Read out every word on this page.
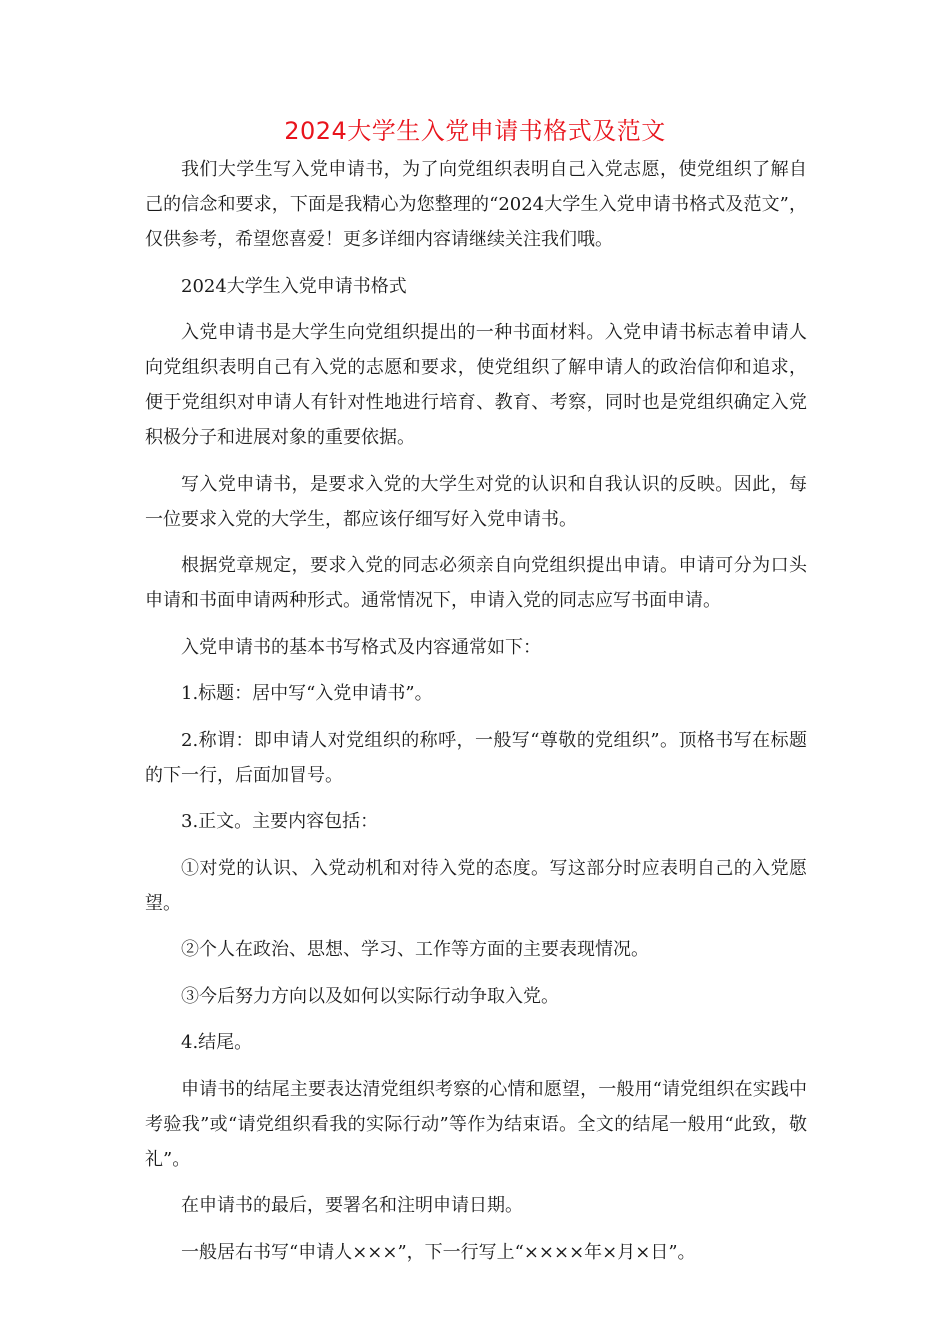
2024大学生入党申请书格式及范文

我们大学生写入党申请书，为了向党组织表明自己入党志愿，使党组织了解自己的信念和要求，下面是我精心为您整理的“2024大学生入党申请书格式及范文”，仅供参考，希望您喜爱！更多详细内容请继续关注我们哦。

2024大学生入党申请书格式

入党申请书是大学生向党组织提出的一种书面材料。入党申请书标志着申请人向党组织表明自己有入党的志愿和要求，使党组织了解申请人的政治信仰和追求，便于党组织对申请人有针对性地进行培育、教育、考察，同时也是党组织确定入党积极分子和进展对象的重要依据。

写入党申请书，是要求入党的大学生对党的认识和自我认识的反映。因此，每一位要求入党的大学生，都应该仔细写好入党申请书。

根据党章规定，要求入党的同志必须亲自向党组织提出申请。申请可分为口头申请和书面申请两种形式。通常情况下，申请入党的同志应写书面申请。

入党申请书的基本书写格式及内容通常如下：

1.标题：居中写“入党申请书”。

2.称谓：即申请人对党组织的称呼，一般写“尊敬的党组织”。顶格书写在标题的下一行，后面加冒号。

3.正文。主要内容包括：

①对党的认识、入党动机和对待入党的态度。写这部分时应表明自己的入党愿望。

②个人在政治、思想、学习、工作等方面的主要表现情况。

③今后努力方向以及如何以实际行动争取入党。

4.结尾。

申请书的结尾主要表达清党组织考察的心情和愿望，一般用“请党组织在实践中考验我”或“请党组织看我的实际行动”等作为结束语。全文的结尾一般用“此致，敬礼”。

在申请书的最后，要署名和注明申请日期。

一般居右书写“申请人×××”，下一行写上“××××年×月×日”。
